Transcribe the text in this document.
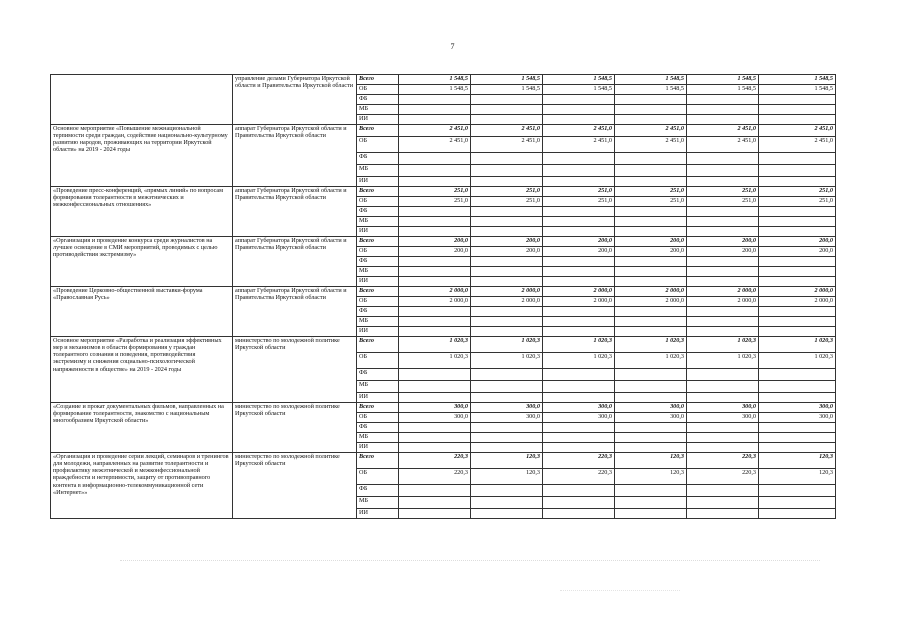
7
	управление делами Губернатора Иркутской области и Правительства Иркутской области	Всего	1 548,5	1 548,5	1 548,5	1 548,5	1 548,5	1 548,5
		ОБ	1 548,5	1 548,5	1 548,5	1 548,5	1 548,5	1 548,5
		ФБ						
		МБ						
		ИИ						
Основное мероприятие «Повышение межнациональной терпимости среди граждан, содействие национально-культурному развитию народов, проживающих на территории Иркутской области» на 2019 - 2024 годы	аппарат Губернатора Иркутской области и Правительства Иркутской области	Всего	2 451,0	2 451,0	2 451,0	2 451,0	2 451,0	2 451,0
		ОБ	2 451,0	2 451,0	2 451,0	2 451,0	2 451,0	2 451,0
		ФБ						
		МБ						
		ИИ						
«Проведение пресс-конференций, «прямых линий» по вопросам формирования толерантности в межэтнических и межконфессиональных отношениях»	аппарат Губернатора Иркутской области и Правительства Иркутской области	Всего	251,0	251,0	251,0	251,0	251,0	251,0
		ОБ	251,0	251,0	251,0	251,0	251,0	251,0
		ФБ						
		МБ						
		ИИ						
«Организация и проведение конкурса среди журналистов на лучшее освещение в СМИ мероприятий, проводимых с целью противодействия экстремизму»	аппарат Губернатора Иркутской области и Правительства Иркутской области	Всего	200,0	200,0	200,0	200,0	200,0	200,0
		ОБ	200,0	200,0	200,0	200,0	200,0	200,0
		ФБ						
		МБ						
		ИИ						
«Проведение Церковно-общественной выставки-форума «Православная Русь»	аппарат Губернатора Иркутской области и Правительства Иркутской области	Всего	2 000,0	2 000,0	2 000,0	2 000,0	2 000,0	2 000,0
		ОБ	2 000,0	2 000,0	2 000,0	2 000,0	2 000,0	2 000,0
		ФБ						
		МБ						
		ИИ						
Основное мероприятие «Разработка и реализация эффективных мер и механизмов в области формирования у граждан толерантного сознания и поведения, противодействия экстремизму и снижения социально-психологической напряженности в обществе» на 2019 - 2024 годы	министерство по молодежной политике Иркутской области	Всего	1 020,3	1 020,3	1 020,3	1 020,3	1 020,3	1 020,3
		ОБ	1 020,3	1 020,3	1 020,3	1 020,3	1 020,3	1 020,3
		ФБ						
		МБ						
		ИИ						
«Создание и прокат документальных фильмов, направленных на формирование толерантности, знакомство с национальным многообразием Иркутской области»	министерство по молодежной политике Иркутской области	Всего	300,0	300,0	300,0	300,0	300,0	300,0
		ОБ	300,0	300,0	300,0	300,0	300,0	300,0
		ФБ						
		МБ						
		ИИ						
«Организация и проведение серии лекций, семинаров и тренингов для молодежи, направленных на развитие толерантности и профилактику межэтнической и межконфессиональной враждебности и нетерпимости, защиту от противоправного контента в информационно-телекоммуникационной сети «Интернет»»	министерство по молодежной политике Иркутской области	Всего	220,3	120,3	220,3	120,3	220,3	120,3
		ОБ	220,3	120,3	220,3	120,3	220,3	120,3
		ФБ						
		МБ						
		ИИ						
